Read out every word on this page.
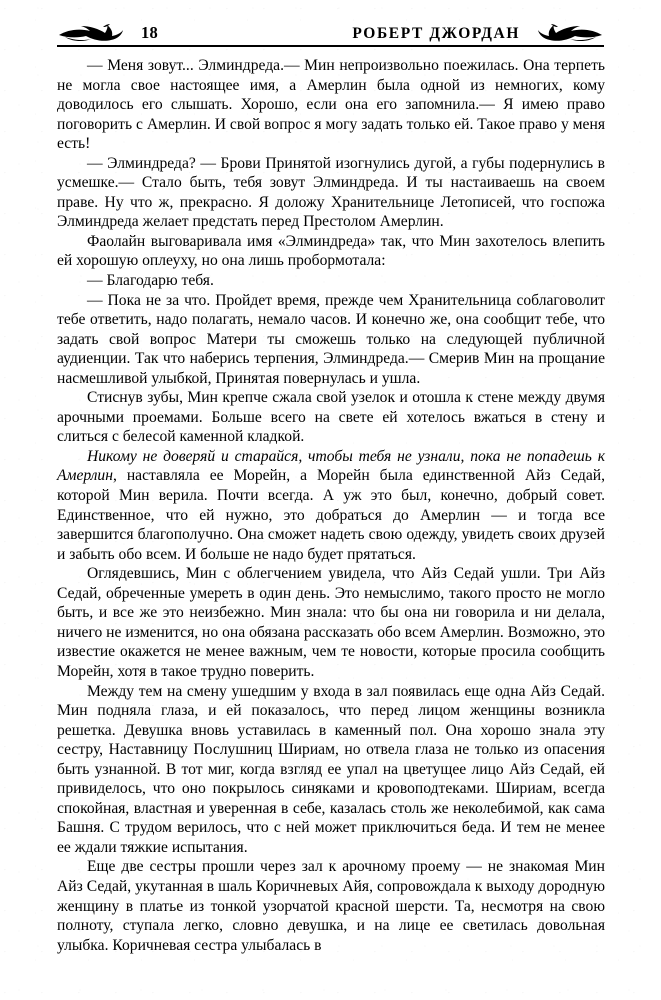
18	РОБЕРТ ДЖОРДАН

— Меня зовут... Элминдреда.— Мин непроизвольно поежилась. Она терпеть не могла свое настоящее имя, а Амерлин была одной из немногих, кому доводилось его слышать. Хорошо, если она его запомнила.— Я имею право поговорить с Амерлин. И свой вопрос я могу задать только ей. Такое право у меня есть!

— Элминдреда? — Брови Принятой изогнулись дугой, а губы подернулись в усмешке.— Стало быть, тебя зовут Элминдреда. И ты настаиваешь на своем праве. Ну что ж, прекрасно. Я доложу Хранительнице Летописей, что госпожа Элминдреда желает предстать перед Престолом Амерлин.

Фаолайн выговаривала имя «Элминдреда» так, что Мин захотелось влепить ей хорошую оплеуху, но она лишь пробормотала:

— Благодарю тебя.

— Пока не за что. Пройдет время, прежде чем Хранительница соблаговолит тебе ответить, надо полагать, немало часов. И конечно же, она сообщит тебе, что задать свой вопрос Матери ты сможешь только на следующей публичной аудиенции. Так что наберись терпения, Элминдреда.— Смерив Мин на прощание насмешливой улыбкой, Принятая повернулась и ушла.

Стиснув зубы, Мин крепче сжала свой узелок и отошла к стене между двумя арочными проемами. Больше всего на свете ей хотелось вжаться в стену и слиться с белесой каменной кладкой.

Никому не доверяй и старайся, чтобы тебя не узнали, пока не попадешь к Амерлин, наставляла ее Морейн, а Морейн была единственной Айз Седай, которой Мин верила. Почти всегда. А уж это был, конечно, добрый совет. Единственное, что ей нужно, это добраться до Амерлин — и тогда все завершится благополучно. Она сможет надеть свою одежду, увидеть своих друзей и забыть обо всем. И больше не надо будет прятаться.

Оглядевшись, Мин с облегчением увидела, что Айз Седай ушли. Три Айз Седай, обреченные умереть в один день. Это немыслимо, такого просто не могло быть, и все же это неизбежно. Мин знала: что бы она ни говорила и ни делала, ничего не изменится, но она обязана рассказать обо всем Амерлин. Возможно, это известие окажется не менее важным, чем те новости, которые просила сообщить Морейн, хотя в такое трудно поверить.

Между тем на смену ушедшим у входа в зал появилась еще одна Айз Седай. Мин подняла глаза, и ей показалось, что перед лицом женщины возникла решетка. Девушка вновь уставилась в каменный пол. Она хорошо знала эту сестру, Наставницу Послушниц Шириам, но отвела глаза не только из опасения быть узнанной. В тот миг, когда взгляд ее упал на цветущее лицо Айз Седай, ей привиделось, что оно покрылось синяками и кровоподтеками. Шириам, всегда спокойная, властная и уверенная в себе, казалась столь же неколебимой, как сама Башня. С трудом верилось, что с ней может приключиться беда. И тем не менее ее ждали тяжкие испытания.

Еще две сестры прошли через зал к арочному проему — не знакомая Мин Айз Седай, укутанная в шаль Коричневых Айя, сопровождала к выходу дородную женщину в платье из тонкой узорчатой красной шерсти. Та, несмотря на свою полноту, ступала легко, словно девушка, и на лице ее светилась довольная улыбка. Коричневая сестра улыбалась в
